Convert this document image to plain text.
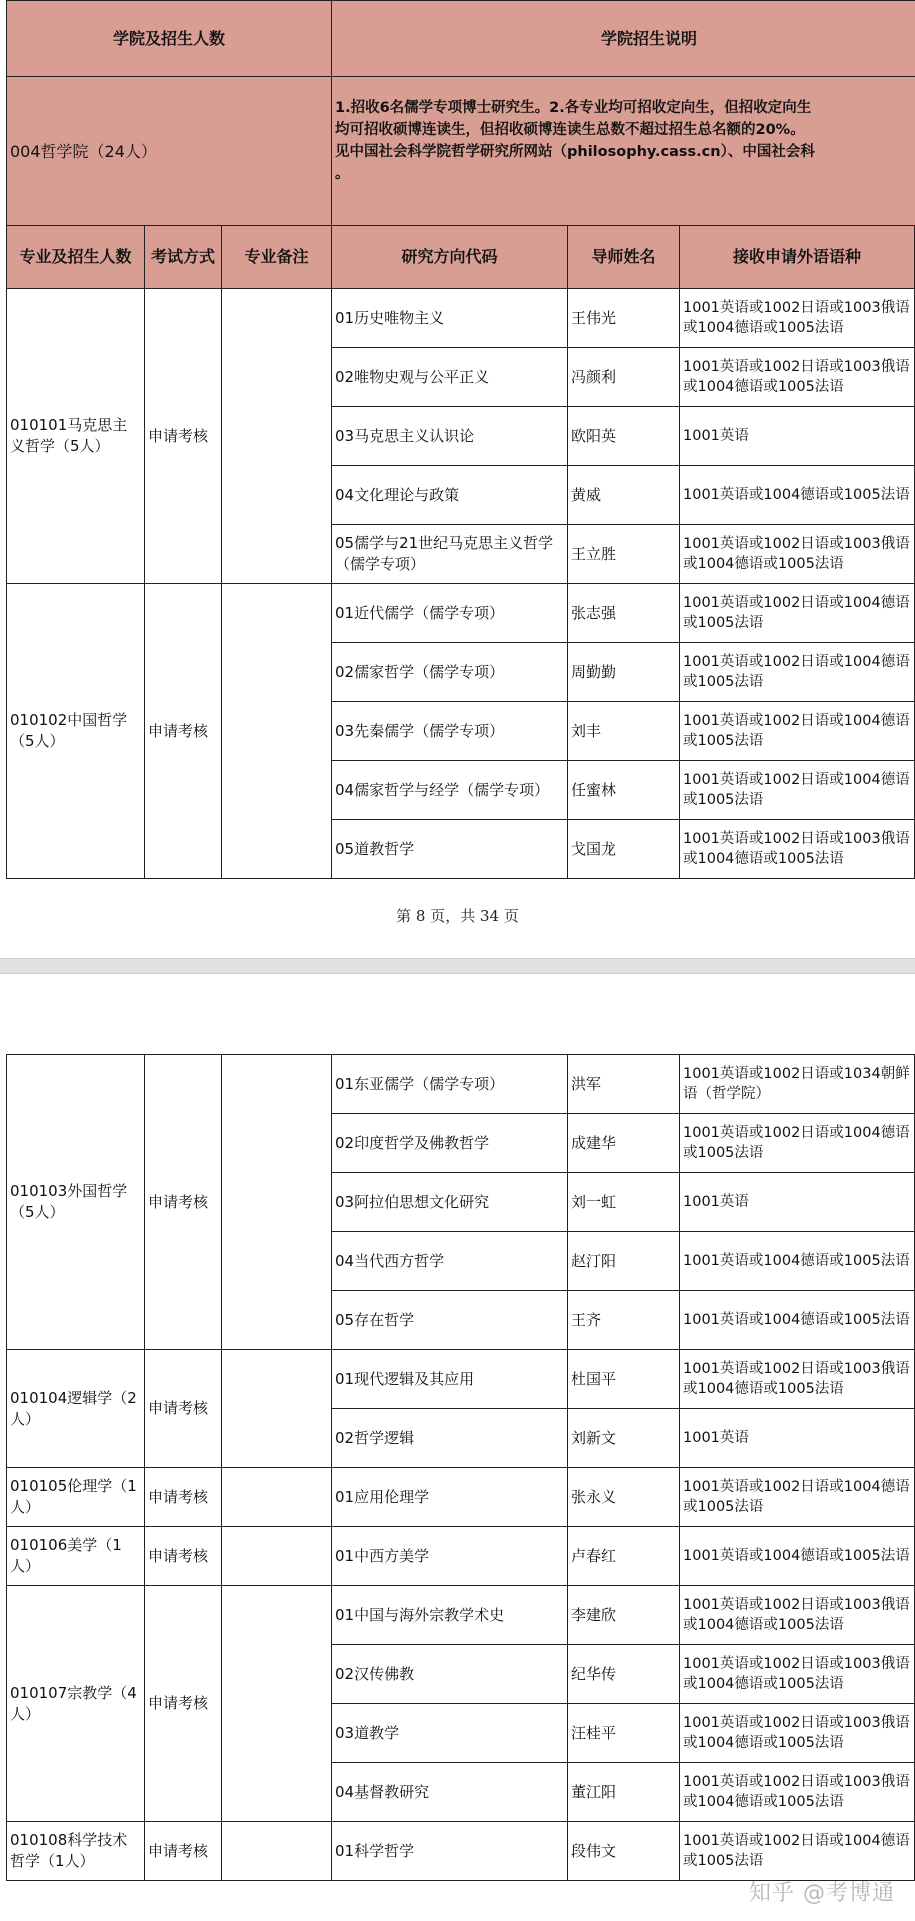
学院及招生人数			学院招生说明			
004哲学院（24人）			1.招收6名儒学专项博士研究生。2.各专业均可招收定向生，但招收定向生
均可招收硕博连读生，但招收硕博连读生总数不超过招生总名额的20%。
见中国社会科学院哲学研究所网站（philosophy.cass.cn）、中国社会科
。			
专业及招生人数	考试方式	专业备注	研究方向代码	导师姓名	接收申请外语语种	
010101马克思主义哲学（5人）	申请考核		01历史唯物主义	王伟光	1001英语或1002日语或1003俄语或1004德语或1005法语	
			02唯物史观与公平正义	冯颜利	1001英语或1002日语或1003俄语或1004德语或1005法语	
			03马克思主义认识论	欧阳英	1001英语	
			04文化理论与政策	黄威	1001英语或1004德语或1005法语	
			05儒学与21世纪马克思主义哲学（儒学专项）	王立胜	1001英语或1002日语或1003俄语或1004德语或1005法语	
010102中国哲学（5人）	申请考核		01近代儒学（儒学专项）	张志强	1001英语或1002日语或1004德语或1005法语	
			02儒家哲学（儒学专项）	周勤勤	1001英语或1002日语或1004德语或1005法语	
			03先秦儒学（儒学专项）	刘丰	1001英语或1002日语或1004德语或1005法语	
			04儒家哲学与经学（儒学专项）	任蜜林	1001英语或1002日语或1004德语或1005法语	
			05道教哲学	戈国龙	1001英语或1002日语或1003俄语或1004德语或1005法语	
第 8 页，共 34 页
010103外国哲学（5人）	申请考核		01东亚儒学（儒学专项）	洪军	1001英语或1002日语或1034朝鲜语（哲学院）	
			02印度哲学及佛教哲学	成建华	1001英语或1002日语或1004德语或1005法语	
			03阿拉伯思想文化研究	刘一虹	1001英语	
			04当代西方哲学	赵汀阳	1001英语或1004德语或1005法语	
			05存在哲学	王齐	1001英语或1004德语或1005法语	
010104逻辑学（2人）	申请考核		01现代逻辑及其应用	杜国平	1001英语或1002日语或1003俄语或1004德语或1005法语	
			02哲学逻辑	刘新文	1001英语	
010105伦理学（1人）	申请考核		01应用伦理学	张永义	1001英语或1002日语或1004德语或1005法语	
010106美学（1人）	申请考核		01中西方美学	卢春红	1001英语或1004德语或1005法语	
010107宗教学（4人）	申请考核		01中国与海外宗教学术史	李建欣	1001英语或1002日语或1003俄语或1004德语或1005法语	
			02汉传佛教	纪华传	1001英语或1002日语或1003俄语或1004德语或1005法语	
			03道教学	汪桂平	1001英语或1002日语或1003俄语或1004德语或1005法语	
			04基督教研究	董江阳	1001英语或1002日语或1003俄语或1004德语或1005法语	
010108科学技术哲学（1人）	申请考核		01科学哲学	段伟文	1001英语或1002日语或1004德语或1005法语	
知乎 @考博通
